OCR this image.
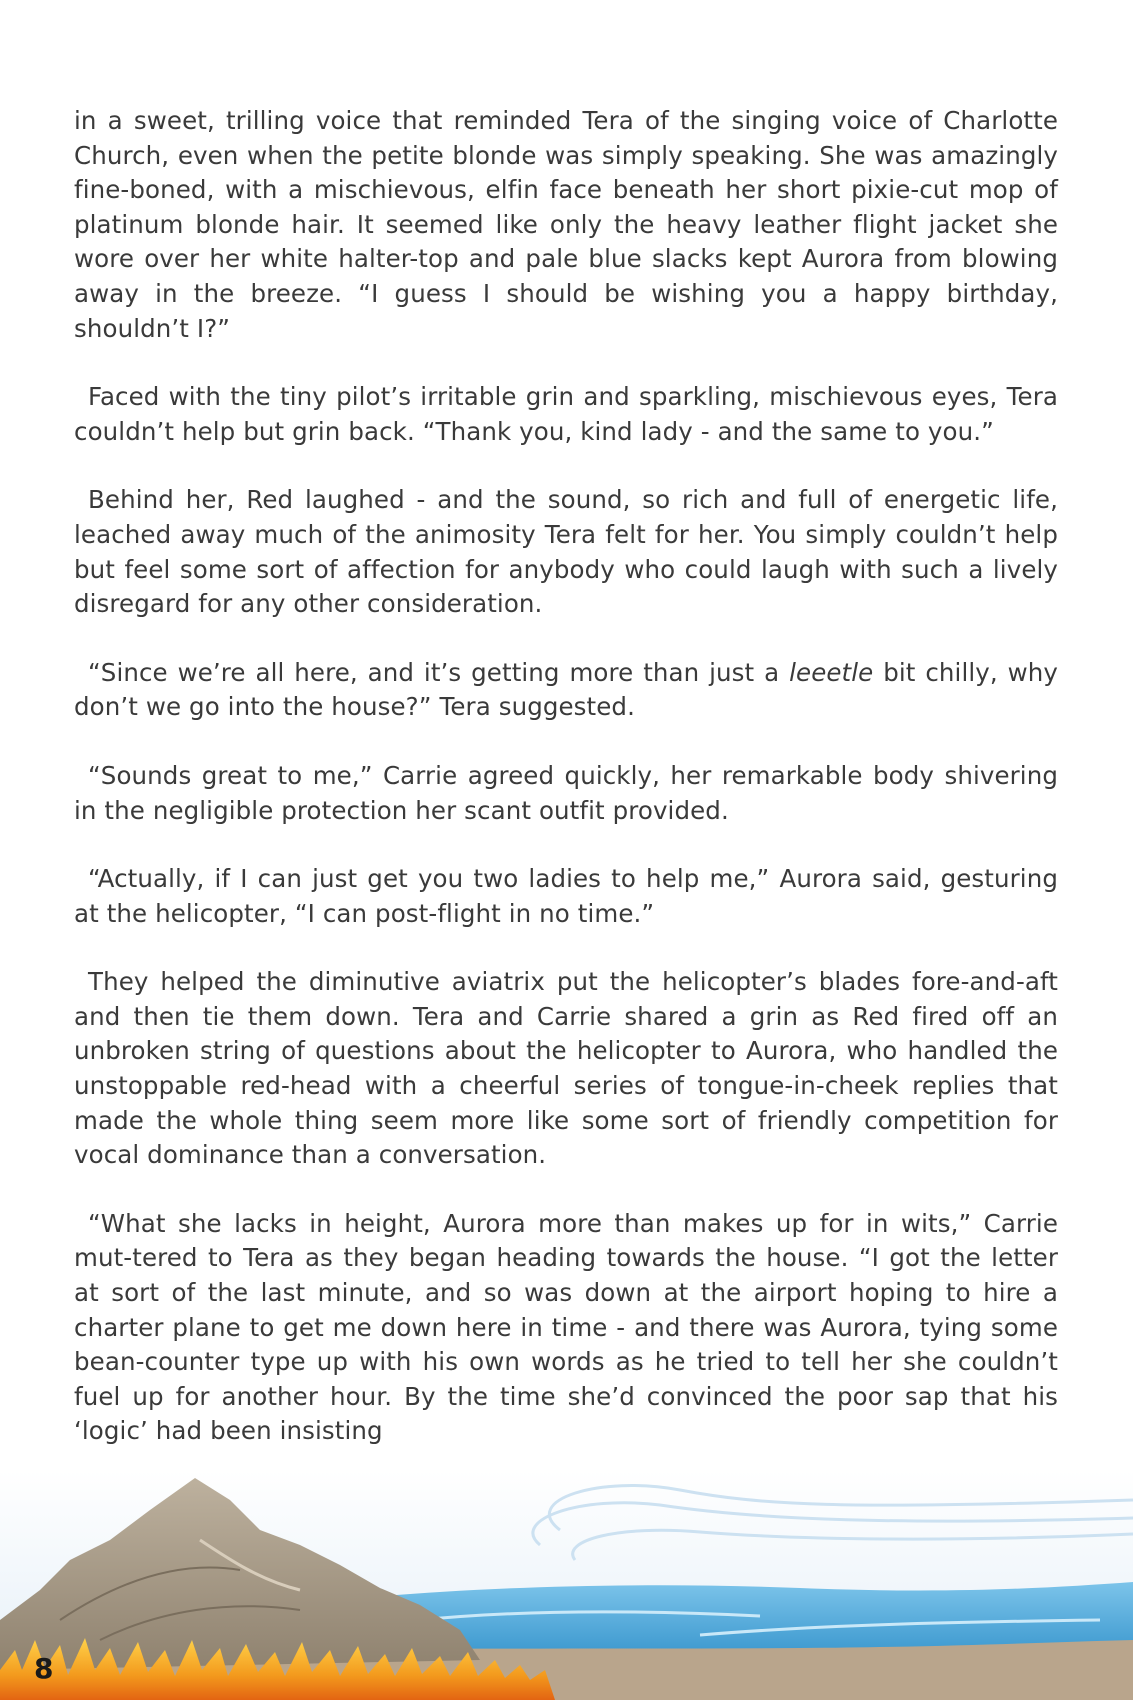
in a sweet, trilling voice that reminded Tera of the singing voice of Charlotte Church, even when the petite blonde was simply speaking. She was amazingly fine-boned, with a mischievous, elfin face beneath her short pixie-cut mop of platinum blonde hair. It seemed like only the heavy leather flight jacket she wore over her white halter-top and pale blue slacks kept Aurora from blowing away in the breeze. “I guess I should be wishing you a happy birthday, shouldn’t I?”

Faced with the tiny pilot’s irritable grin and sparkling, mischievous eyes, Tera couldn’t help but grin back. “Thank you, kind lady - and the same to you.”

Behind her, Red laughed - and the sound, so rich and full of energetic life, leached away much of the animosity Tera felt for her. You simply couldn’t help but feel some sort of affection for anybody who could laugh with such a lively disregard for any other consideration.

“Since we’re all here, and it’s getting more than just a leeetle bit chilly, why don’t we go into the house?” Tera suggested.

“Sounds great to me,” Carrie agreed quickly, her remarkable body shivering in the negligible protection her scant outfit provided.

“Actually, if I can just get you two ladies to help me,” Aurora said, gesturing at the helicopter, “I can post-flight in no time.”

They helped the diminutive aviatrix put the helicopter’s blades fore-and-aft and then tie them down. Tera and Carrie shared a grin as Red fired off an unbroken string of questions about the helicopter to Aurora, who handled the unstoppable red-head with a cheerful series of tongue-in-cheek replies that made the whole thing seem more like some sort of friendly competition for vocal dominance than a conversation.

“What she lacks in height, Aurora more than makes up for in wits,” Carrie mut-tered to Tera as they began heading towards the house. “I got the letter at sort of the last minute, and so was down at the airport hoping to hire a charter plane to get me down here in time - and there was Aurora, tying some bean-counter type up with his own words as he tried to tell her she couldn’t fuel up for another hour. By the time she’d convinced the poor sap that his ‘logic’ had been insisting

8
